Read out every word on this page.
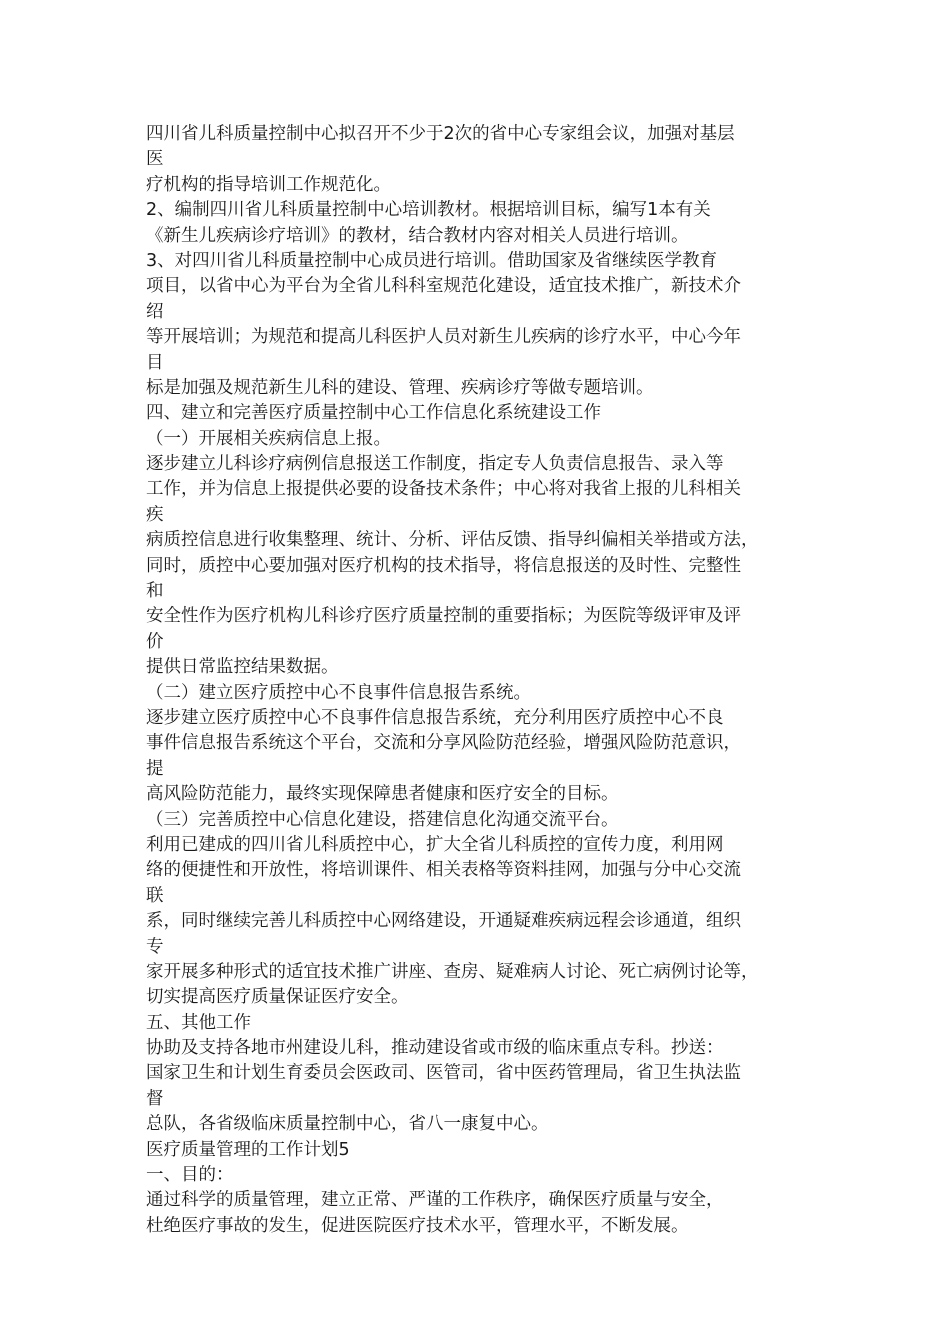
四川省儿科质量控制中心拟召开不少于2次的省中心专家组会议，加强对基层
医
疗机构的指导培训工作规范化。
2、编制四川省儿科质量控制中心培训教材。根据培训目标，编写1本有关
《新生儿疾病诊疗培训》的教材，结合教材内容对相关人员进行培训。
3、对四川省儿科质量控制中心成员进行培训。借助国家及省继续医学教育
项目，以省中心为平台为全省儿科科室规范化建设，适宜技术推广，新技术介
绍
等开展培训；为规范和提高儿科医护人员对新生儿疾病的诊疗水平，中心今年
目
标是加强及规范新生儿科的建设、管理、疾病诊疗等做专题培训。
四、建立和完善医疗质量控制中心工作信息化系统建设工作
（一）开展相关疾病信息上报。
逐步建立儿科诊疗病例信息报送工作制度，指定专人负责信息报告、录入等
工作，并为信息上报提供必要的设备技术条件；中心将对我省上报的儿科相关
疾
病质控信息进行收集整理、统计、分析、评估反馈、指导纠偏相关举措或方法，
同时，质控中心要加强对医疗机构的技术指导，将信息报送的及时性、完整性
和
安全性作为医疗机构儿科诊疗医疗质量控制的重要指标；为医院等级评审及评
价
提供日常监控结果数据。
（二）建立医疗质控中心不良事件信息报告系统。
逐步建立医疗质控中心不良事件信息报告系统，充分利用医疗质控中心不良
事件信息报告系统这个平台，交流和分享风险防范经验，增强风险防范意识，
提
高风险防范能力，最终实现保障患者健康和医疗安全的目标。
（三）完善质控中心信息化建设，搭建信息化沟通交流平台。
利用已建成的四川省儿科质控中心，扩大全省儿科质控的宣传力度，利用网
络的便捷性和开放性，将培训课件、相关表格等资料挂网，加强与分中心交流
联
系，同时继续完善儿科质控中心网络建设，开通疑难疾病远程会诊通道，组织
专
家开展多种形式的适宜技术推广讲座、查房、疑难病人讨论、死亡病例讨论等，
切实提高医疗质量保证医疗安全。
五、其他工作
协助及支持各地市州建设儿科，推动建设省或市级的临床重点专科。抄送：
国家卫生和计划生育委员会医政司、医管司，省中医药管理局，省卫生执法监
督
总队，各省级临床质量控制中心，省八一康复中心。
医疗质量管理的工作计划5
一、目的：
通过科学的质量管理，建立正常、严谨的工作秩序，确保医疗质量与安全，
杜绝医疗事故的发生，促进医院医疗技术水平，管理水平，不断发展。
